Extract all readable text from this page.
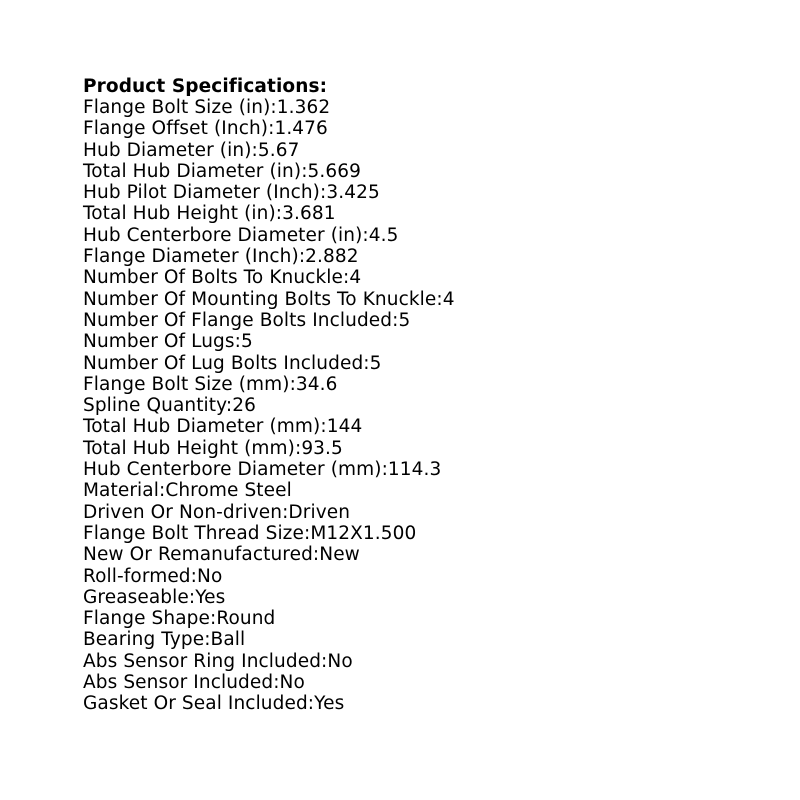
Product Specifications:
Flange Bolt Size (in):1.362
Flange Offset (Inch):1.476
Hub Diameter (in):5.67
Total Hub Diameter (in):5.669
Hub Pilot Diameter (Inch):3.425
Total Hub Height (in):3.681
Hub Centerbore Diameter (in):4.5
Flange Diameter (Inch):2.882
Number Of Bolts To Knuckle:4
Number Of Mounting Bolts To Knuckle:4
Number Of Flange Bolts Included:5
Number Of Lugs:5
Number Of Lug Bolts Included:5
Flange Bolt Size (mm):34.6
Spline Quantity:26
Total Hub Diameter (mm):144
Total Hub Height (mm):93.5
Hub Centerbore Diameter (mm):114.3
Material:Chrome Steel
Driven Or Non-driven:Driven
Flange Bolt Thread Size:M12X1.500
New Or Remanufactured:New
Roll-formed:No
Greaseable:Yes
Flange Shape:Round
Bearing Type:Ball
Abs Sensor Ring Included:No
Abs Sensor Included:No
Gasket Or Seal Included:Yes
